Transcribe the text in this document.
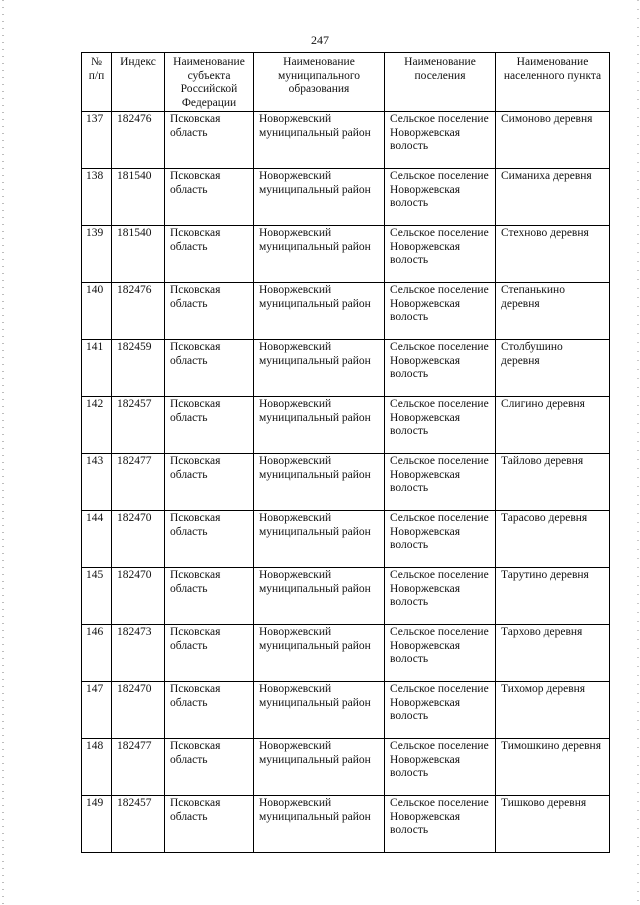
247
№ п/п	Индекс	Наименование субъекта Российской Федерации	Наименование муниципального образования	Наименование поселения	Наименование населенного пункта
137	182476	Псковская область	Новоржевский муниципальный район	Сельское поселение Новоржевская волость	Симоново деревня
138	181540	Псковская область	Новоржевский муниципальный район	Сельское поселение Новоржевская волость	Симаниха деревня
139	181540	Псковская область	Новоржевский муниципальный район	Сельское поселение Новоржевская волость	Стехново деревня
140	182476	Псковская область	Новоржевский муниципальный район	Сельское поселение Новоржевская волость	Степанькино деревня
141	182459	Псковская область	Новоржевский муниципальный район	Сельское поселение Новоржевская волость	Столбушино деревня
142	182457	Псковская область	Новоржевский муниципальный район	Сельское поселение Новоржевская волость	Слигино деревня
143	182477	Псковская область	Новоржевский муниципальный район	Сельское поселение Новоржевская волость	Тайлово деревня
144	182470	Псковская область	Новоржевский муниципальный район	Сельское поселение Новоржевская волость	Тарасово деревня
145	182470	Псковская область	Новоржевский муниципальный район	Сельское поселение Новоржевская волость	Тарутино деревня
146	182473	Псковская область	Новоржевский муниципальный район	Сельское поселение Новоржевская волость	Тархово деревня
147	182470	Псковская область	Новоржевский муниципальный район	Сельское поселение Новоржевская волость	Тихомор деревня
148	182477	Псковская область	Новоржевский муниципальный район	Сельское поселение Новоржевская волость	Тимошкино деревня
149	182457	Псковская область	Новоржевский муниципальный район	Сельское поселение Новоржевская волость	Тишково деревня
